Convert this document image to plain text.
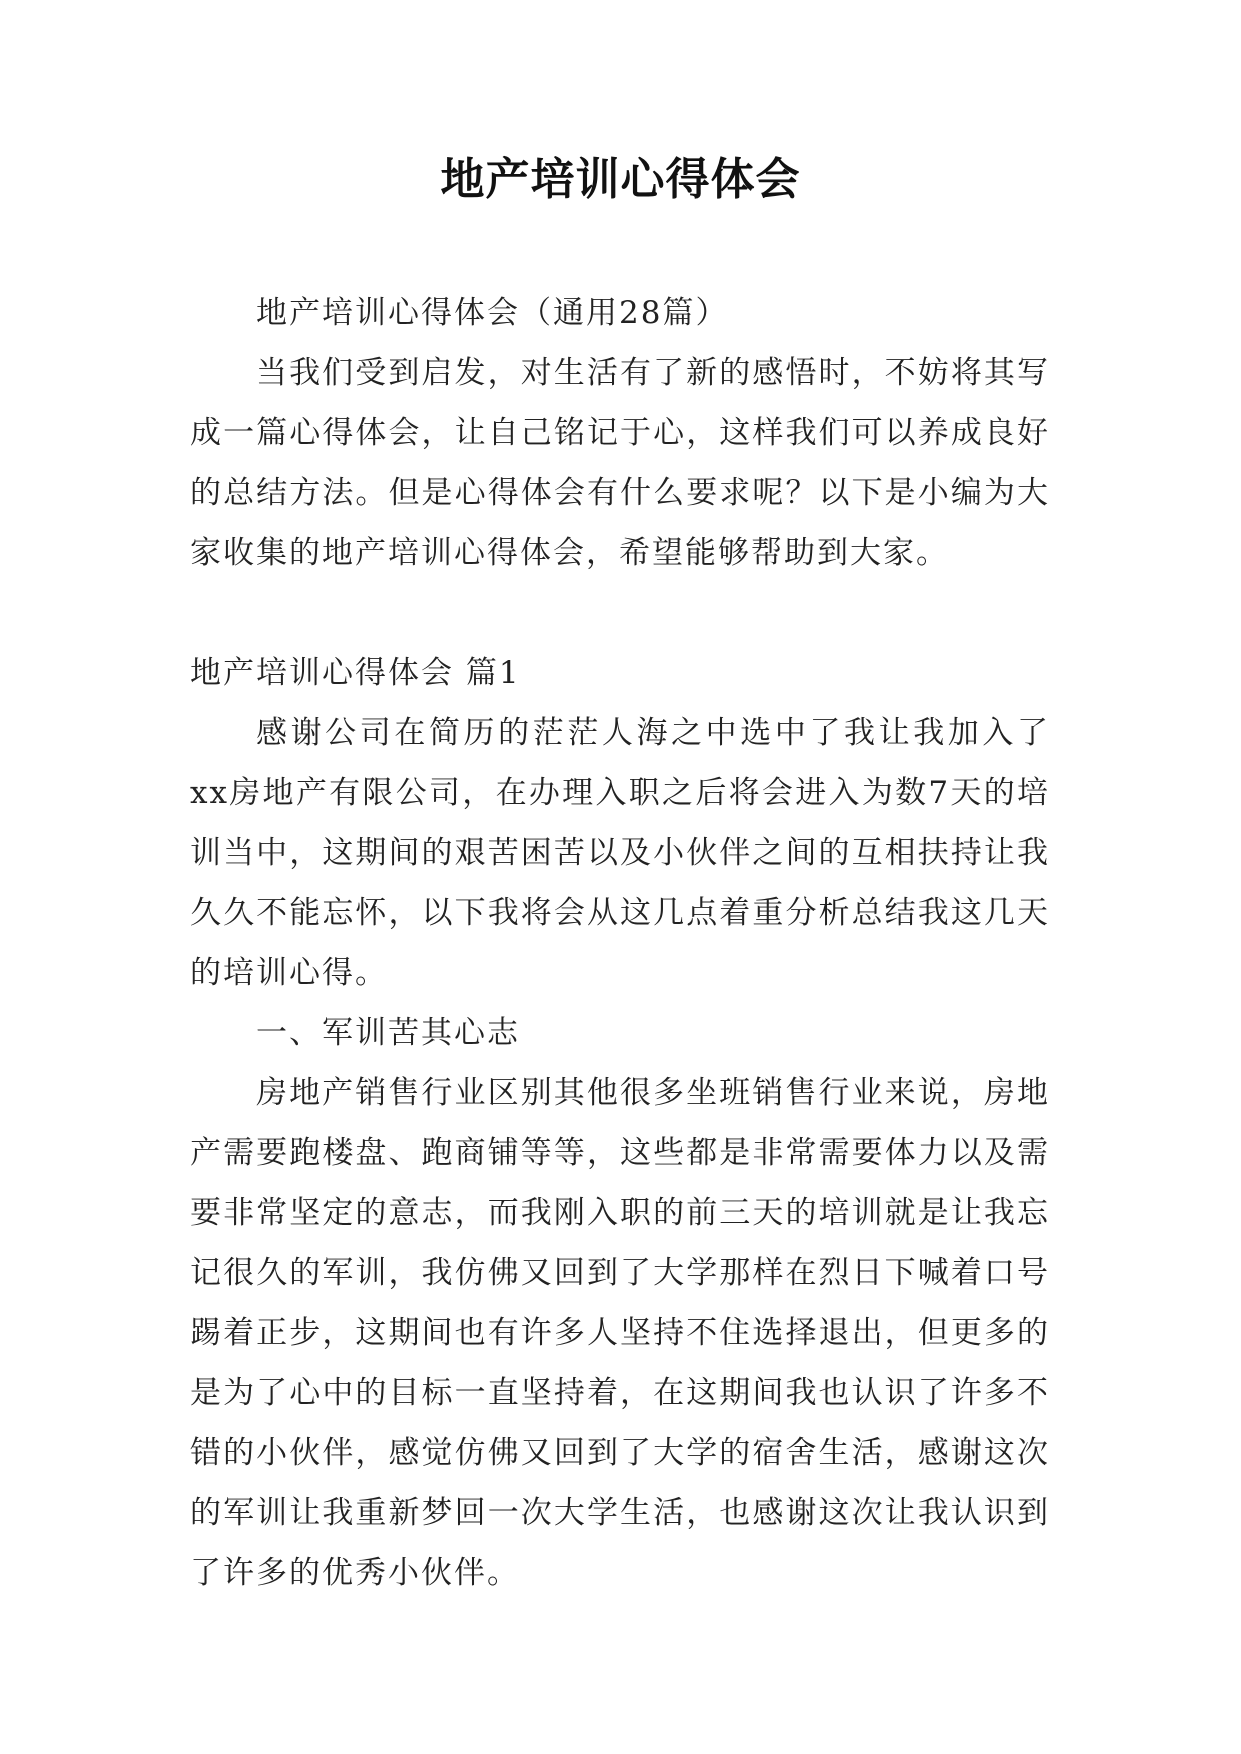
地产培训心得体会

地产培训心得体会（通用28篇）

当我们受到启发，对生活有了新的感悟时，不妨将其写成一篇心得体会，让自己铭记于心，这样我们可以养成良好的总结方法。但是心得体会有什么要求呢？以下是小编为大家收集的地产培训心得体会，希望能够帮助到大家。

地产培训心得体会 篇1

感谢公司在简历的茫茫人海之中选中了我让我加入了xx房地产有限公司，在办理入职之后将会进入为数7天的培训当中，这期间的艰苦困苦以及小伙伴之间的互相扶持让我久久不能忘怀，以下我将会从这几点着重分析总结我这几天的培训心得。

一、军训苦其心志

房地产销售行业区别其他很多坐班销售行业来说，房地产需要跑楼盘、跑商铺等等，这些都是非常需要体力以及需要非常坚定的意志，而我刚入职的前三天的培训就是让我忘记很久的军训，我仿佛又回到了大学那样在烈日下喊着口号踢着正步，这期间也有许多人坚持不住选择退出，但更多的是为了心中的目标一直坚持着，在这期间我也认识了许多不错的小伙伴，感觉仿佛又回到了大学的宿舍生活，感谢这次的军训让我重新梦回一次大学生活，也感谢这次让我认识到了许多的优秀小伙伴。
